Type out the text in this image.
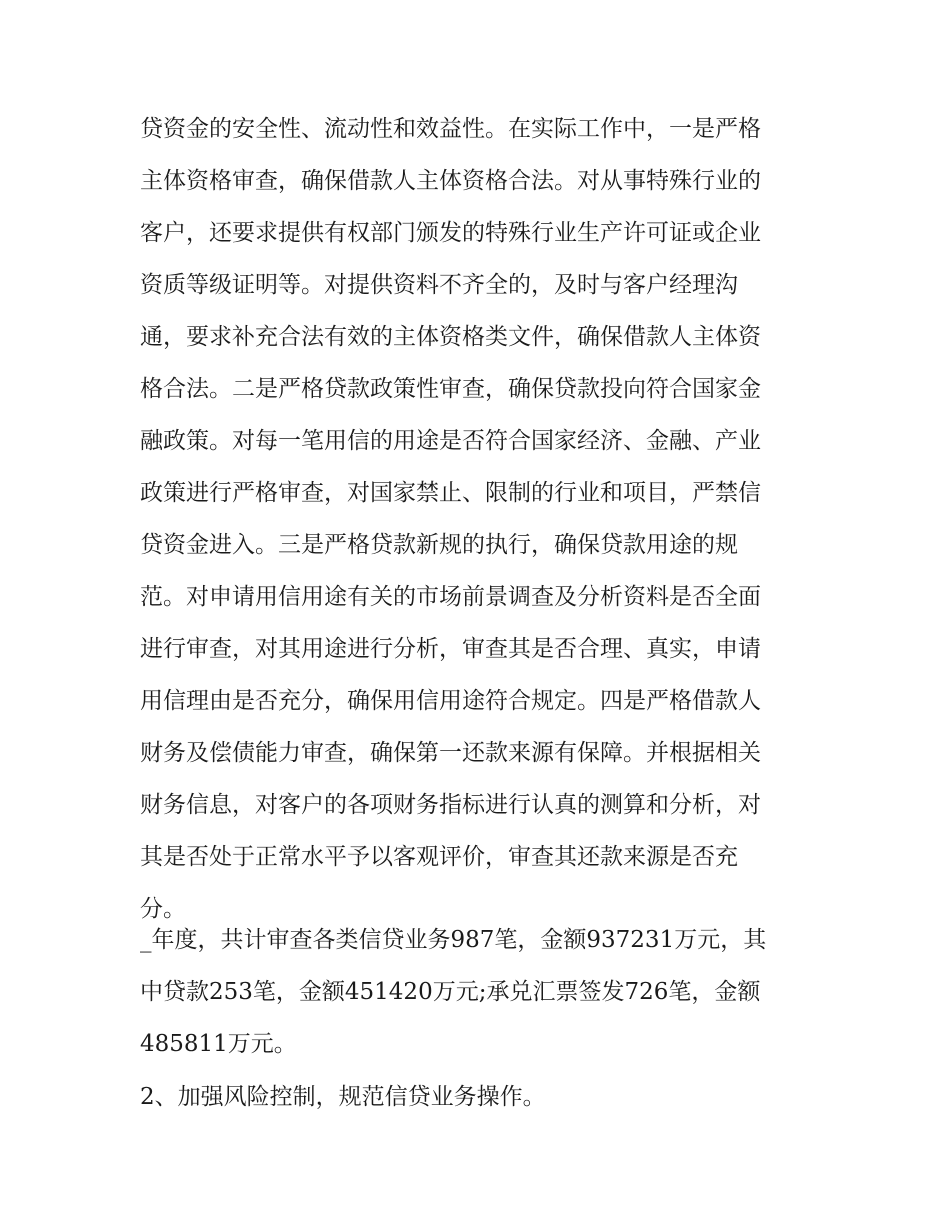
贷资金的安全性、流动性和效益性。在实际工作中，一是严格
主体资格审查，确保借款人主体资格合法。对从事特殊行业的
客户，还要求提供有权部门颁发的特殊行业生产许可证或企业
资质等级证明等。对提供资料不齐全的，及时与客户经理沟
通，要求补充合法有效的主体资格类文件，确保借款人主体资
格合法。二是严格贷款政策性审查，确保贷款投向符合国家金
融政策。对每一笔用信的用途是否符合国家经济、金融、产业
政策进行严格审查，对国家禁止、限制的行业和项目，严禁信
贷资金进入。三是严格贷款新规的执行，确保贷款用途的规
范。对申请用信用途有关的市场前景调查及分析资料是否全面
进行审查，对其用途进行分析，审查其是否合理、真实，申请
用信理由是否充分，确保用信用途符合规定。四是严格借款人
财务及偿债能力审查，确保第一还款来源有保障。并根据相关
财务信息，对客户的各项财务指标进行认真的测算和分析，对
其是否处于正常水平予以客观评价，审查其还款来源是否充
分。
_年度，共计审查各类信贷业务987笔，金额937231万元，其
中贷款253笔，金额451420万元;承兑汇票签发726笔，金额
485811万元。
2、加强风险控制，规范信贷业务操作。
